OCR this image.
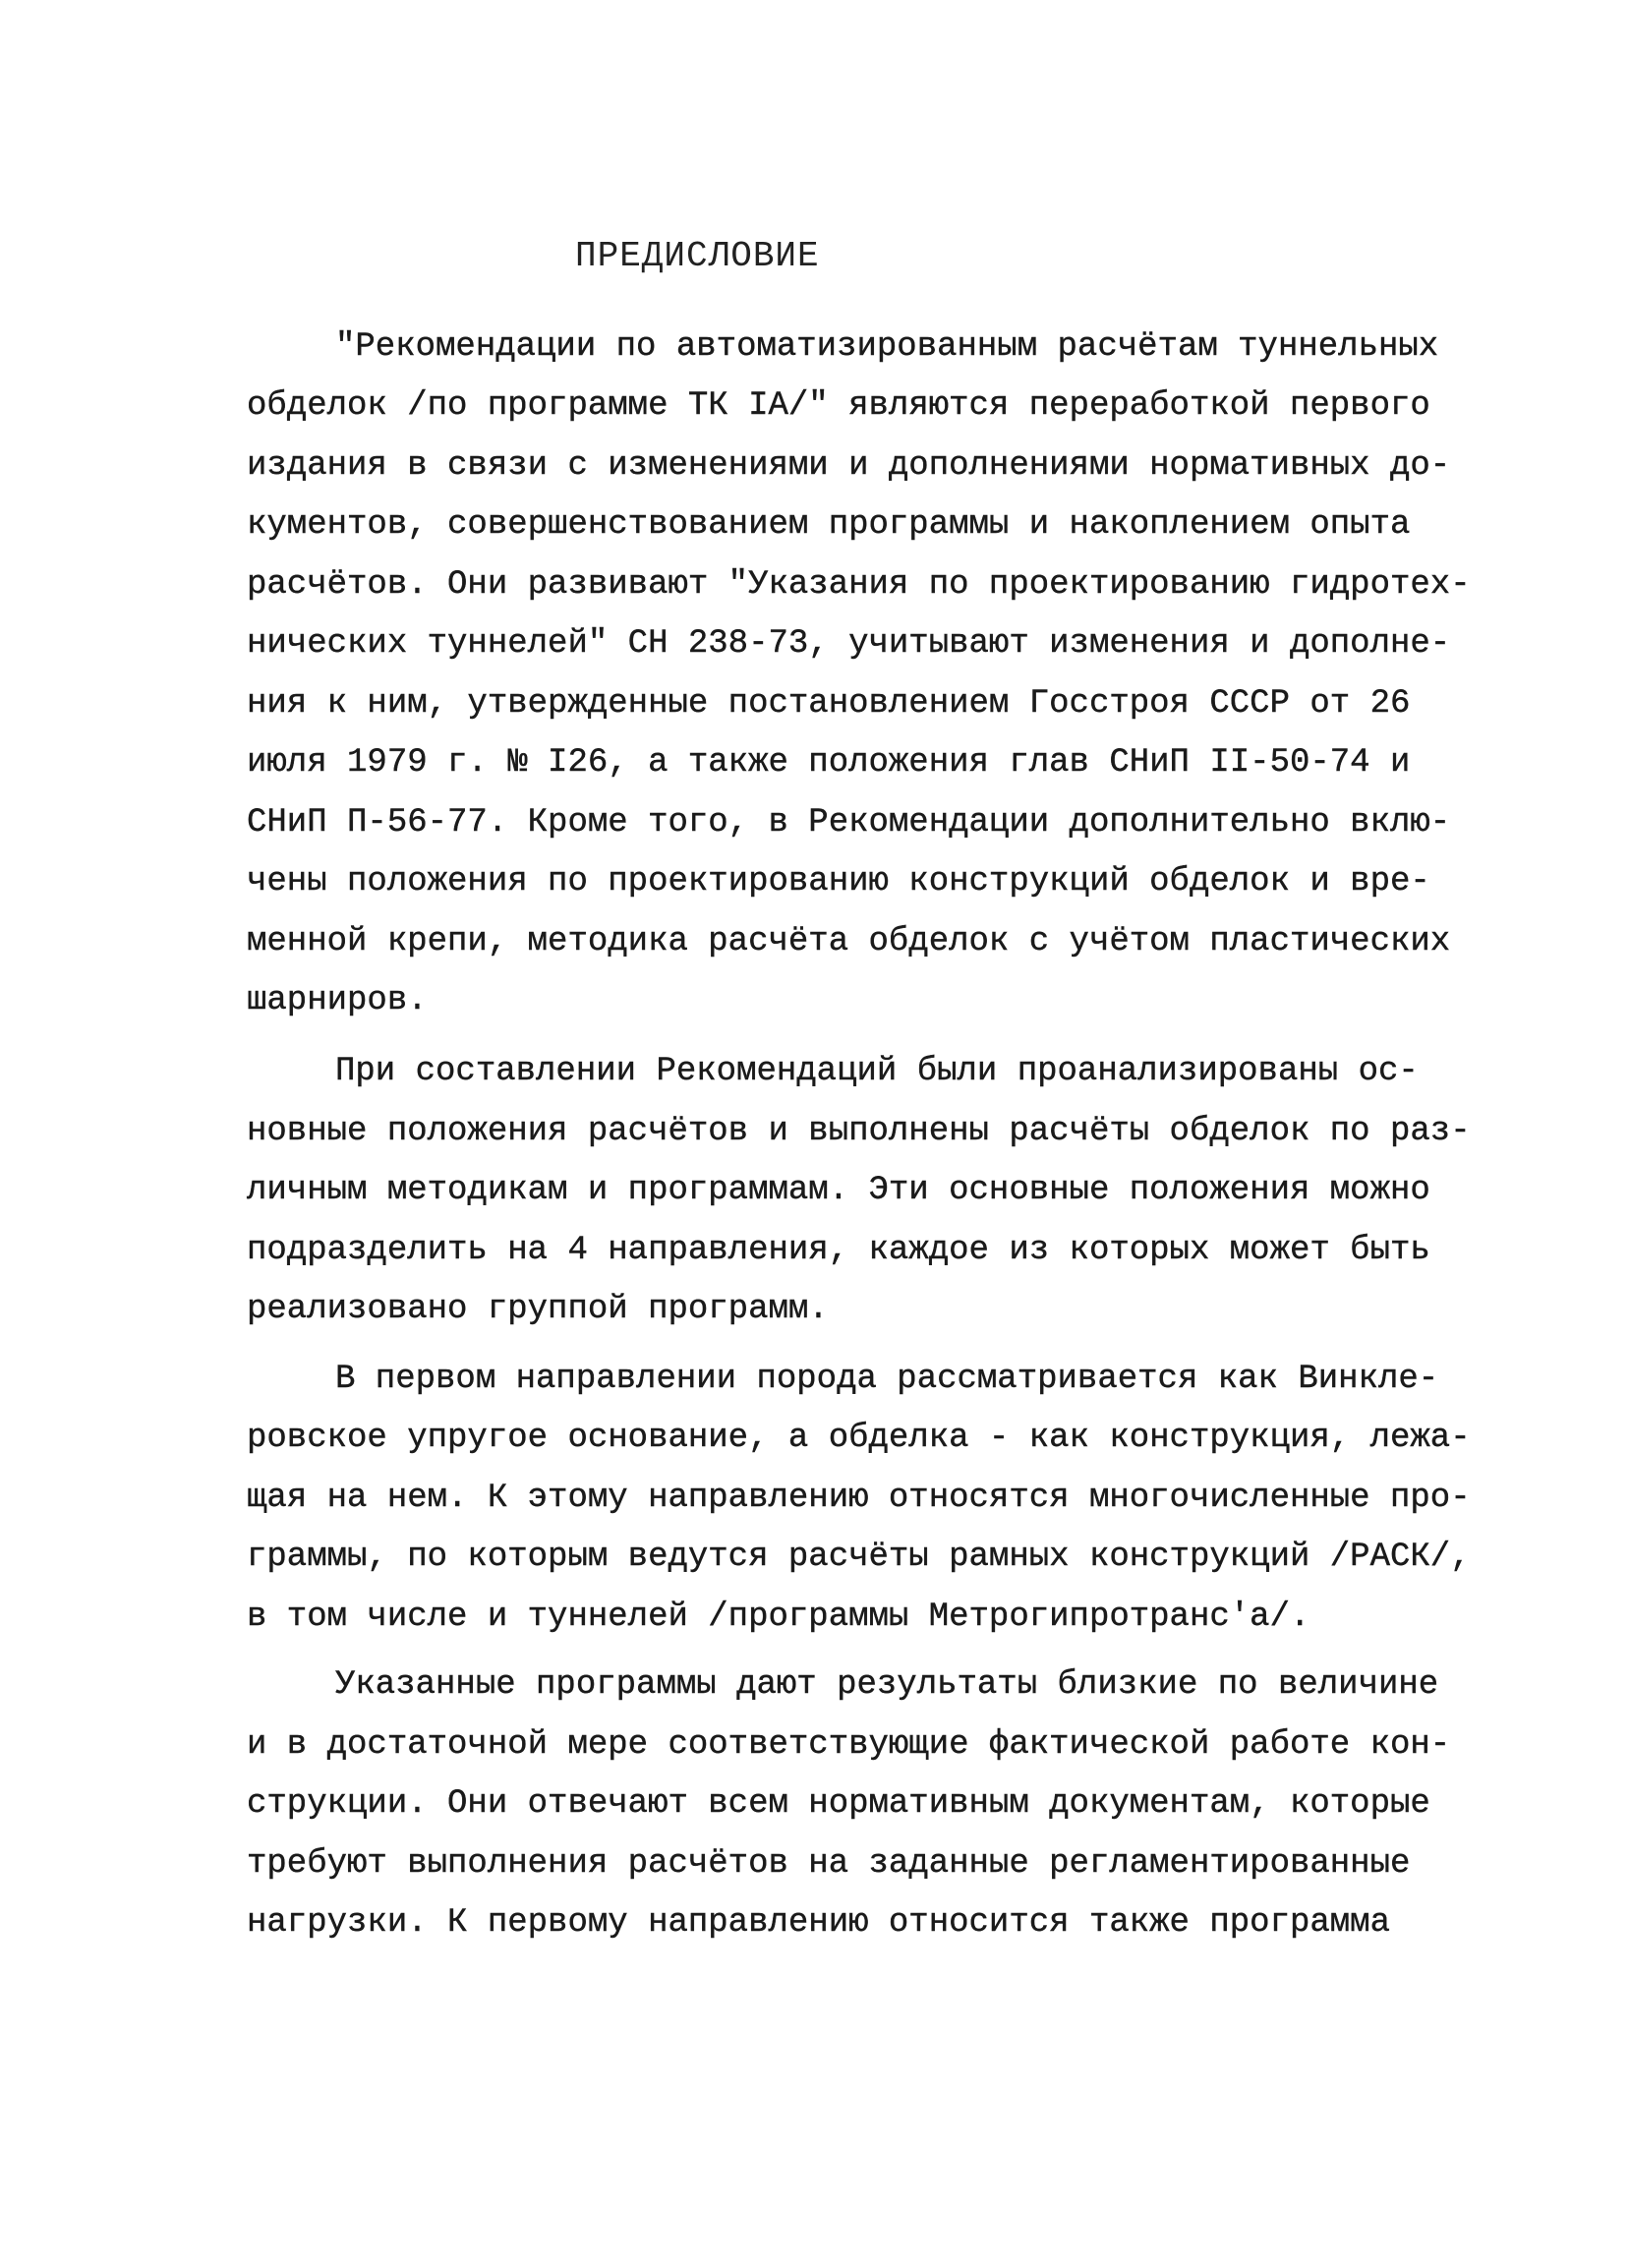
ПРЕДИСЛОВИЕ
"Рекомендации по автоматизированным расчётам туннельных
обделок /по программе ТК IA/" являются переработкой первого
издания в связи с изменениями и дополнениями нормативных до-
кументов, совершенствованием программы и накоплением опыта
расчётов. Они развивают "Указания по проектированию гидротех-
нических туннелей" СН 238-73, учитывают изменения и дополне-
ния к ним, утвержденные постановлением Госстроя СССР от 26
июля 1979 г. № I26, а также положения глав СНиП II-50-74 и
СНиП П-56-77. Кроме того, в Рекомендации дополнительно вклю-
чены положения по проектированию конструкций обделок и вре-
менной крепи, методика расчёта обделок с учётом пластических
шарниров.
При составлении Рекомендаций были проанализированы ос-
новные положения расчётов и выполнены расчёты обделок по раз-
личным методикам и программам. Эти основные положения можно
подразделить на 4 направления, каждое из которых может быть
реализовано группой программ.
В первом направлении порода рассматривается как Винкле-
ровское упругое основание, а обделка - как конструкция, лежа-
щая на нем. К этому направлению относятся многочисленные про-
граммы, по которым ведутся расчёты рамных конструкций /РАСК/,
в том числе и туннелей /программы Метрогипротранс'а/.
Указанные программы дают результаты близкие по величине
и в достаточной мере соответствующие фактической работе кон-
струкции. Они отвечают всем нормативным документам, которые
требуют выполнения расчётов на заданные регламентированные
нагрузки. К первому направлению относится также программа
